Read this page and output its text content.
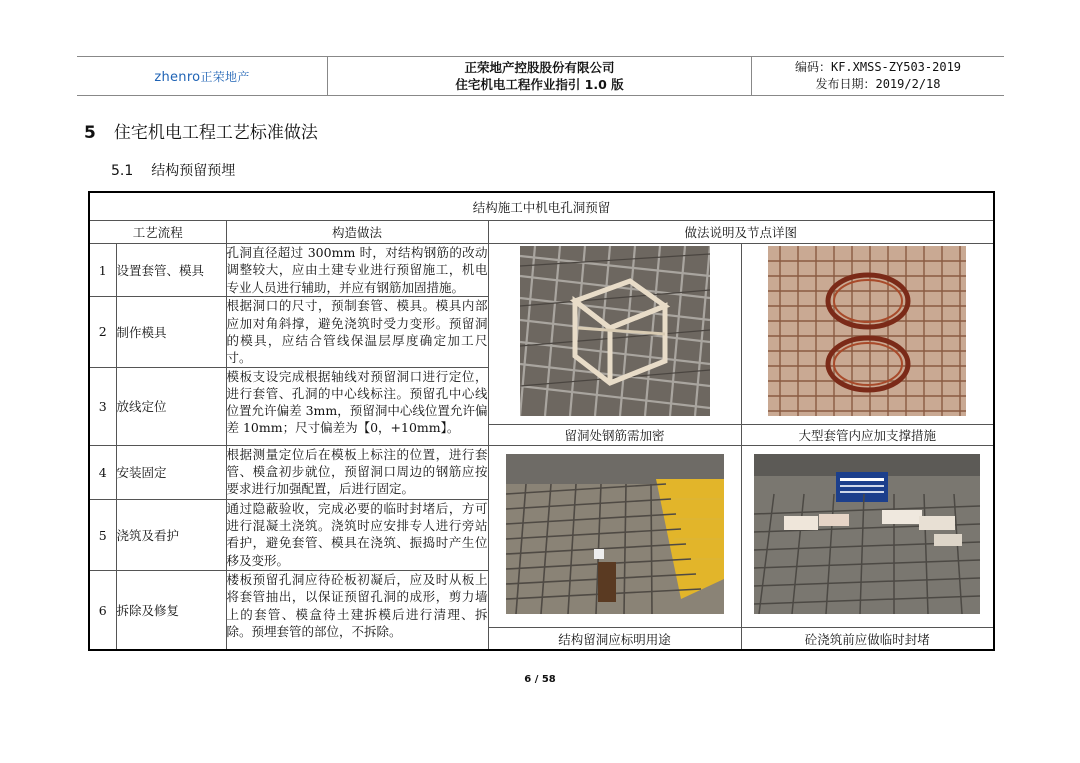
zhenro正荣地产
正荣地产控股股份有限公司
住宅机电工程作业指引 1.0 版
编码：KF.XMSS-ZY503-2019
发布日期：2019/2/18
5 住宅机电工程工艺标准做法
5.1 结构预留预埋
结构施工中机电孔洞预留				
工艺流程		构造做法	做法说明及节点详图	
1	设置套管、模具	孔洞直径超过 300mm 时，对结构钢筋的改动调整较大，应由土建专业进行预留施工，机电专业人员进行辅助，并应有钢筋加固措施。		
2	制作模具	根据洞口的尺寸，预制套管、模具。模具内部应加对角斜撑，避免浇筑时受力变形。预留洞的模具，应结合管线保温层厚度确定加工尺寸。		
3	放线定位	模板支设完成根据轴线对预留洞口进行定位，进行套管、孔洞的中心线标注。预留孔中心线位置允许偏差 3mm，预留洞中心线位置允许偏差 10mm；尺寸偏差为【0，+10mm】。		
			留洞处钢筋需加密	大型套管内应加支撑措施
4	安装固定	根据测量定位后在模板上标注的位置，进行套管、模盒初步就位，预留洞口周边的钢筋应按要求进行加强配置，后进行固定。		
5	浇筑及看护	通过隐蔽验收，完成必要的临时封堵后，方可进行混凝土浇筑。浇筑时应安排专人进行旁站看护，避免套管、模具在浇筑、振捣时产生位移及变形。		
6	拆除及修复	楼板预留孔洞应待砼板初凝后，应及时从板上将套管抽出，以保证预留孔洞的成形，剪力墙上的套管、模盒待土建拆模后进行清理、拆除。预埋套管的部位，不拆除。		
			结构留洞应标明用途	砼浇筑前应做临时封堵
6 / 58
